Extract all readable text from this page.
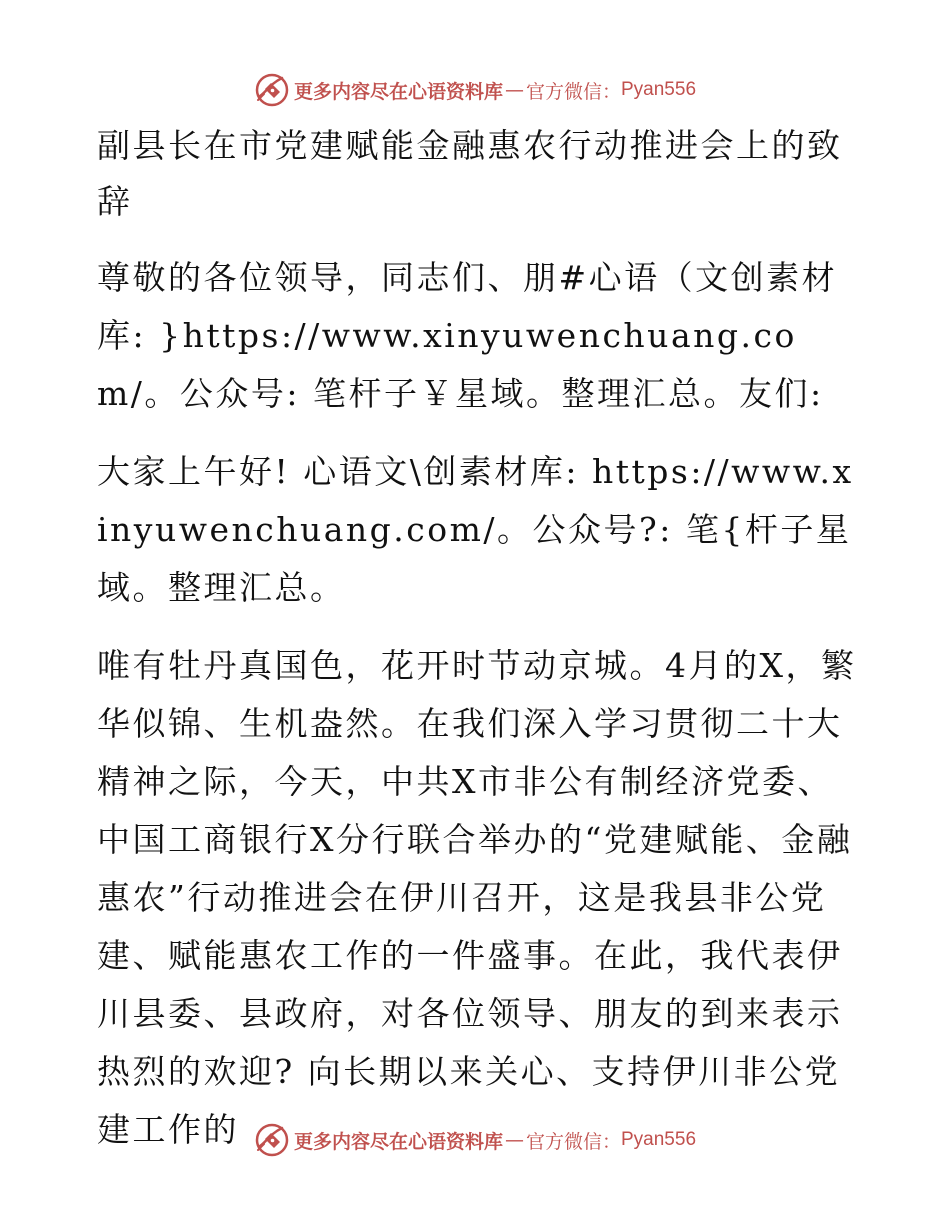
更多内容尽在心语资料库 — 官方微信： Pyan556

副县长在市党建赋能金融惠农行动推进会上的致辞

尊敬的各位领导，同志们、朋#心语（文创素材库: }https://www.xinyuwenchuang.com/。公众号: 笔杆子￥星域。整理汇总。友们:

大家上午好! 心语文\创素材库: https://www.xinyuwenchuang.com/。公众号?: 笔{杆子星域。整理汇总。

唯有牡丹真国色，花开时节动京城。4月的X，繁华似锦、生机盎然。在我们深入学习贯彻二十大精神之际，今天，中共X市非公有制经济党委、中国工商银行X分行联合举办的“党建赋能、金融惠农”行动推进会在伊川召开，这是我县非公党建、赋能惠农工作的一件盛事。在此，我代表伊川县委、县政府，对各位领导、朋友的到来表示热烈的欢迎? 向长期以来关心、支持伊川非公党建工作的	更多内容尽在心语资料库 — 官方微信： Pyan556
